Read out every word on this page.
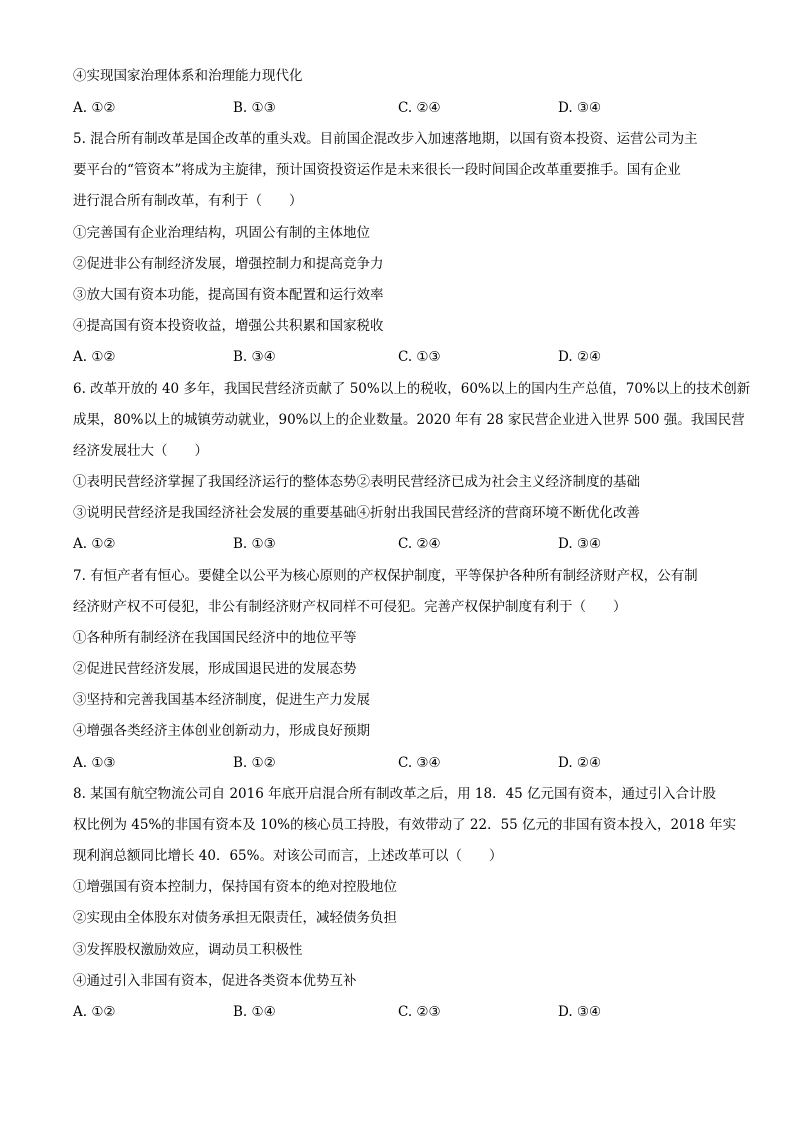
④实现国家治理体系和治理能力现代化
A. ①②	B. ①③	C. ②④	D. ③④
5. 混合所有制改革是国企改革的重头戏。目前国企混改步入加速落地期，以国有资本投资、运营公司为主
要平台的“管资本”将成为主旋律，预计国资投资运作是未来很长一段时间国企改革重要推手。国有企业
进行混合所有制改革，有利于（　　）
①完善国有企业治理结构，巩固公有制的主体地位
②促进非公有制经济发展，增强控制力和提高竞争力
③放大国有资本功能，提高国有资本配置和运行效率
④提高国有资本投资收益，增强公共积累和国家税收
A. ①②	B. ③④	C. ①③	D. ②④
6. 改革开放的 40 多年，我国民营经济贡献了 50%以上的税收，60%以上的国内生产总值，70%以上的技术创新
成果，80%以上的城镇劳动就业，90%以上的企业数量。2020 年有 28 家民营企业进入世界 500 强。我国民营
经济发展壮大（　　）
①表明民营经济掌握了我国经济运行的整体态势②表明民营经济已成为社会主义经济制度的基础
③说明民营经济是我国经济社会发展的重要基础④折射出我国民营经济的营商环境不断优化改善
A. ①②	B. ①③	C. ②④	D. ③④
7. 有恒产者有恒心。要健全以公平为核心原则的产权保护制度，平等保护各种所有制经济财产权，公有制
经济财产权不可侵犯，非公有制经济财产权同样不可侵犯。完善产权保护制度有利于（　　）
①各种所有制经济在我国国民经济中的地位平等
②促进民营经济发展，形成国退民进的发展态势
③坚持和完善我国基本经济制度，促进生产力发展
④增强各类经济主体创业创新动力，形成良好预期
A. ①③	B. ①②	C. ③④	D. ②④
8. 某国有航空物流公司自 2016 年底开启混合所有制改革之后，用 18．45 亿元国有资本，通过引入合计股
权比例为 45%的非国有资本及 10%的核心员工持股，有效带动了 22．55 亿元的非国有资本投入，2018 年实
现利润总额同比增长 40．65%。对该公司而言，上述改革可以（　　）
①增强国有资本控制力，保持国有资本的绝对控股地位
②实现由全体股东对债务承担无限责任，减轻债务负担
③发挥股权激励效应，调动员工积极性
④通过引入非国有资本，促进各类资本优势互补
A. ①②	B. ①④	C. ②③	D. ③④
